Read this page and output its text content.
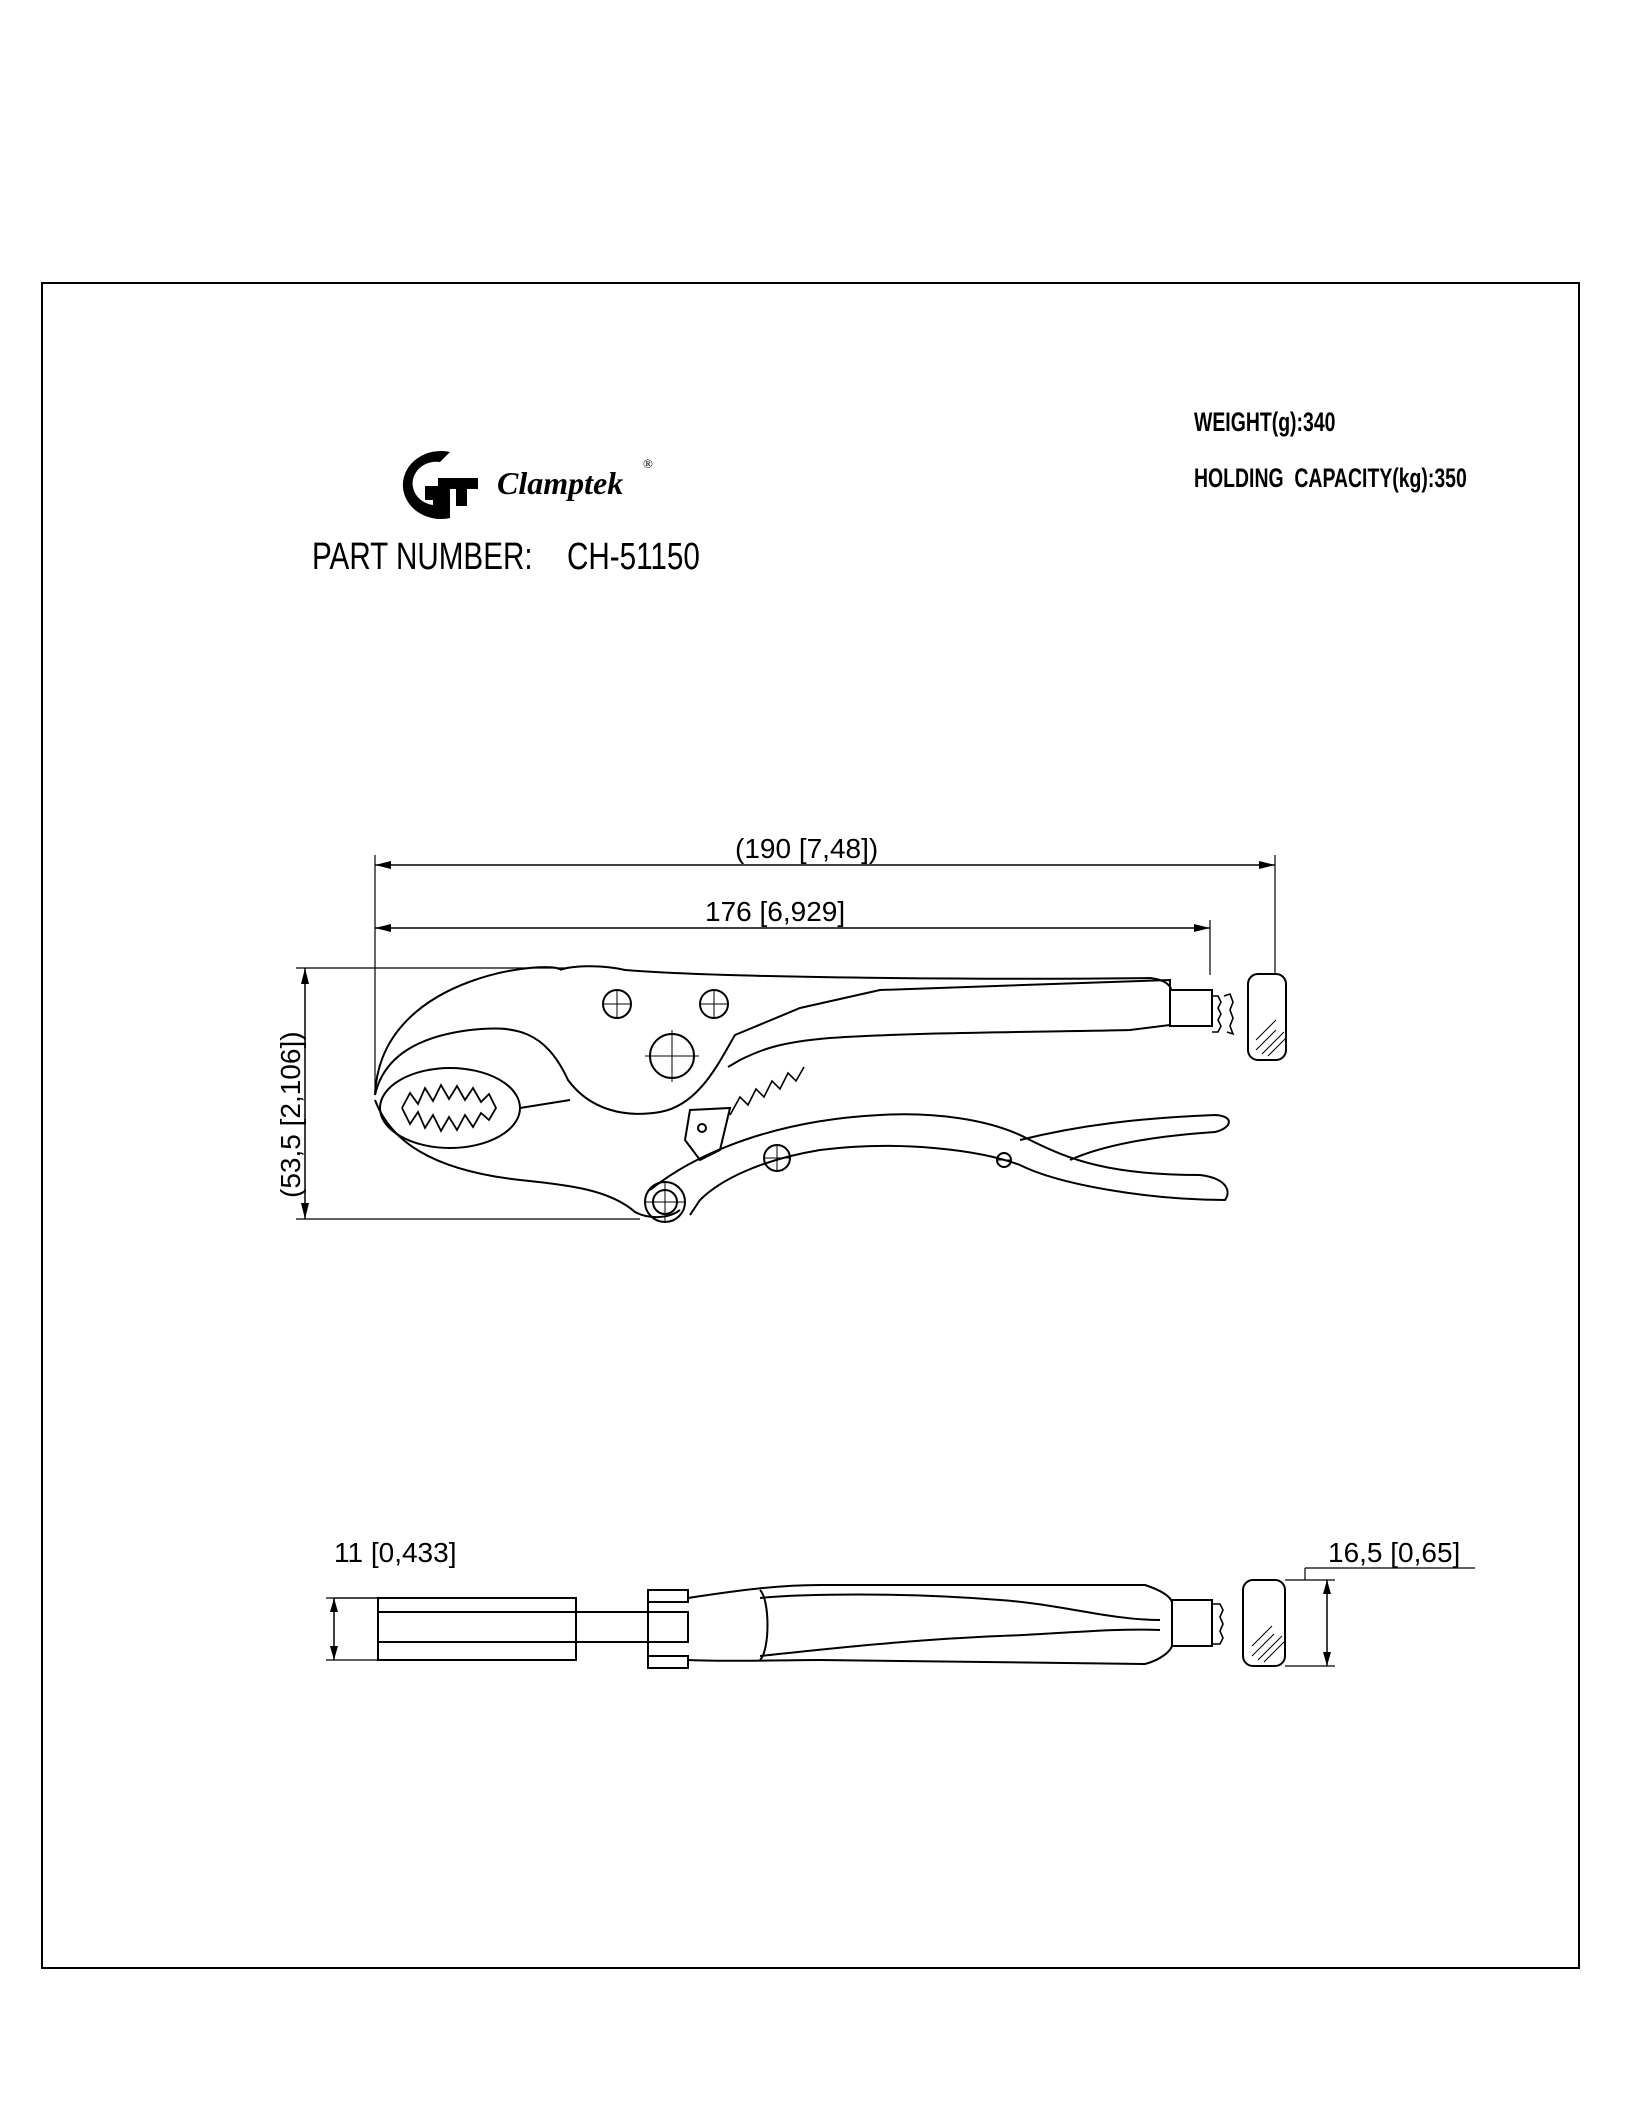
Clamptek
®
PART NUMBER: CH-51150
WEIGHT(g):340
HOLDING  CAPACITY(kg):350
(190 [7,48])
176 [6,929]
(53,5 [2,106])
11 [0,433]	16,5 [0,65]
